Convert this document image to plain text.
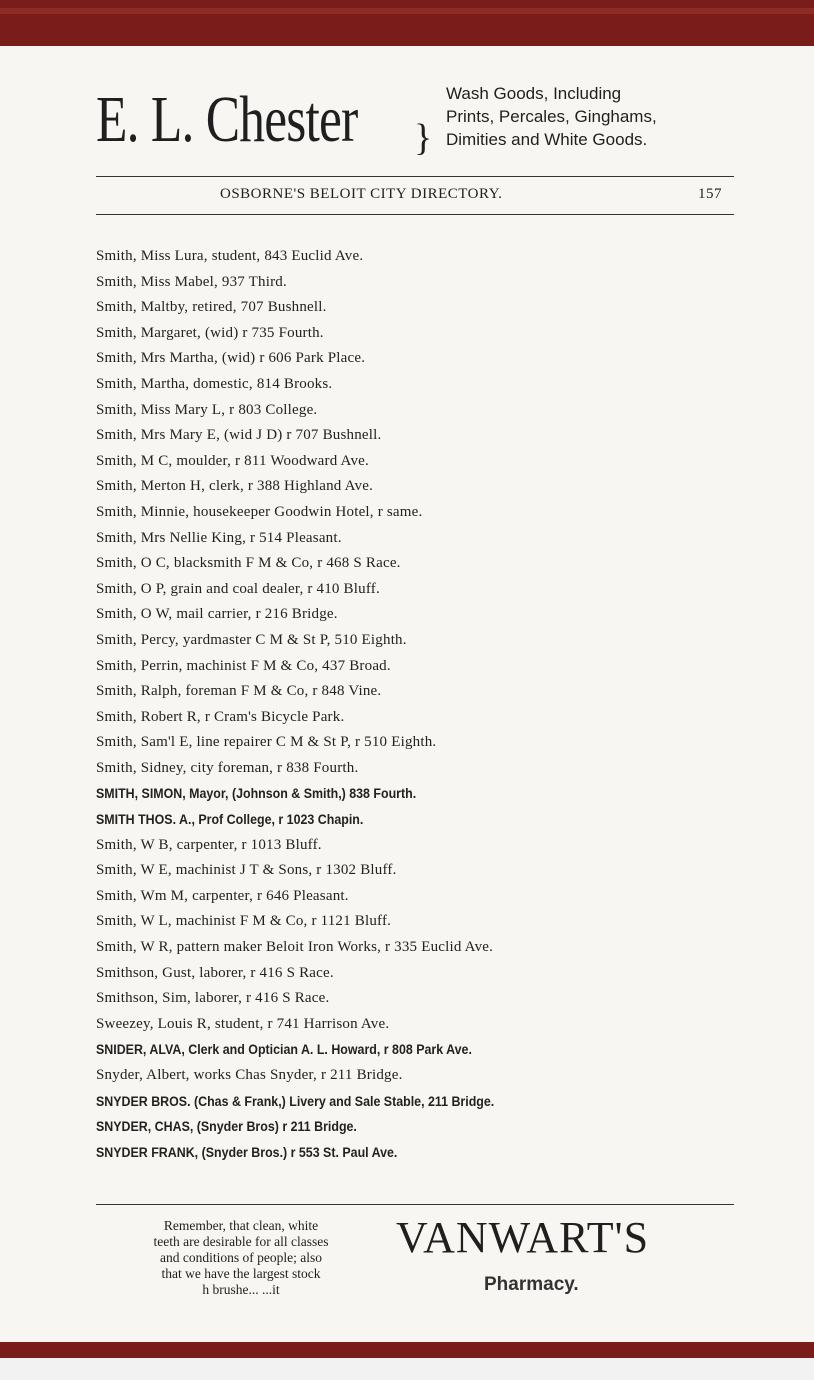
E. L. Chester }
Wash Goods, Including
Prints, Percales, Ginghams,
Dimities and White Goods.
OSBORNE'S BELOIT CITY DIRECTORY.	157
Smith, Miss Lura, student, 843 Euclid Ave.
Smith, Miss Mabel, 937 Third.
Smith, Maltby, retired, 707 Bushnell.
Smith, Margaret, (wid) r 735 Fourth.
Smith, Mrs Martha, (wid) r 606 Park Place.
Smith, Martha, domestic, 814 Brooks.
Smith, Miss Mary L, r 803 College.
Smith, Mrs Mary E, (wid J D) r 707 Bushnell.
Smith, M C, moulder, r 811 Woodward Ave.
Smith, Merton H, clerk, r 388 Highland Ave.
Smith, Minnie, housekeeper Goodwin Hotel, r same.
Smith, Mrs Nellie King, r 514 Pleasant.
Smith, O C, blacksmith F M & Co, r 468 S Race.
Smith, O P, grain and coal dealer, r 410 Bluff.
Smith, O W, mail carrier, r 216 Bridge.
Smith, Percy, yardmaster C M & St P, 510 Eighth.
Smith, Perrin, machinist F M & Co, 437 Broad.
Smith, Ralph, foreman F M & Co, r 848 Vine.
Smith, Robert R, r Cram's Bicycle Park.
Smith, Sam'l E, line repairer C M & St P, r 510 Eighth.
Smith, Sidney, city foreman, r 838 Fourth.
SMITH, SIMON, Mayor, (Johnson & Smith,) 838 Fourth.
SMITH THOS. A., Prof College, r 1023 Chapin.
Smith, W B, carpenter, r 1013 Bluff.
Smith, W E, machinist J T & Sons, r 1302 Bluff.
Smith, Wm M, carpenter, r 646 Pleasant.
Smith, W L, machinist F M & Co, r 1121 Bluff.
Smith, W R, pattern maker Beloit Iron Works, r 335 Euclid Ave.
Smithson, Gust, laborer, r 416 S Race.
Smithson, Sim, laborer, r 416 S Race.
Sweezey, Louis R, student, r 741 Harrison Ave.
SNIDER, ALVA, Clerk and Optician A. L. Howard, r 808 Park Ave.
Snyder, Albert, works Chas Snyder, r 211 Bridge.
SNYDER BROS. (Chas & Frank,) Livery and Sale Stable, 211 Bridge.
SNYDER, CHAS, (Snyder Bros) r 211 Bridge.
SNYDER FRANK, (Snyder Bros.) r 553 St. Paul Ave.
Remember, that clean, white
teeth are desirable for all classes
and conditions of people; also
that we have the largest stock
h brushe... ...it
VANWART'S
Pharmacy.
